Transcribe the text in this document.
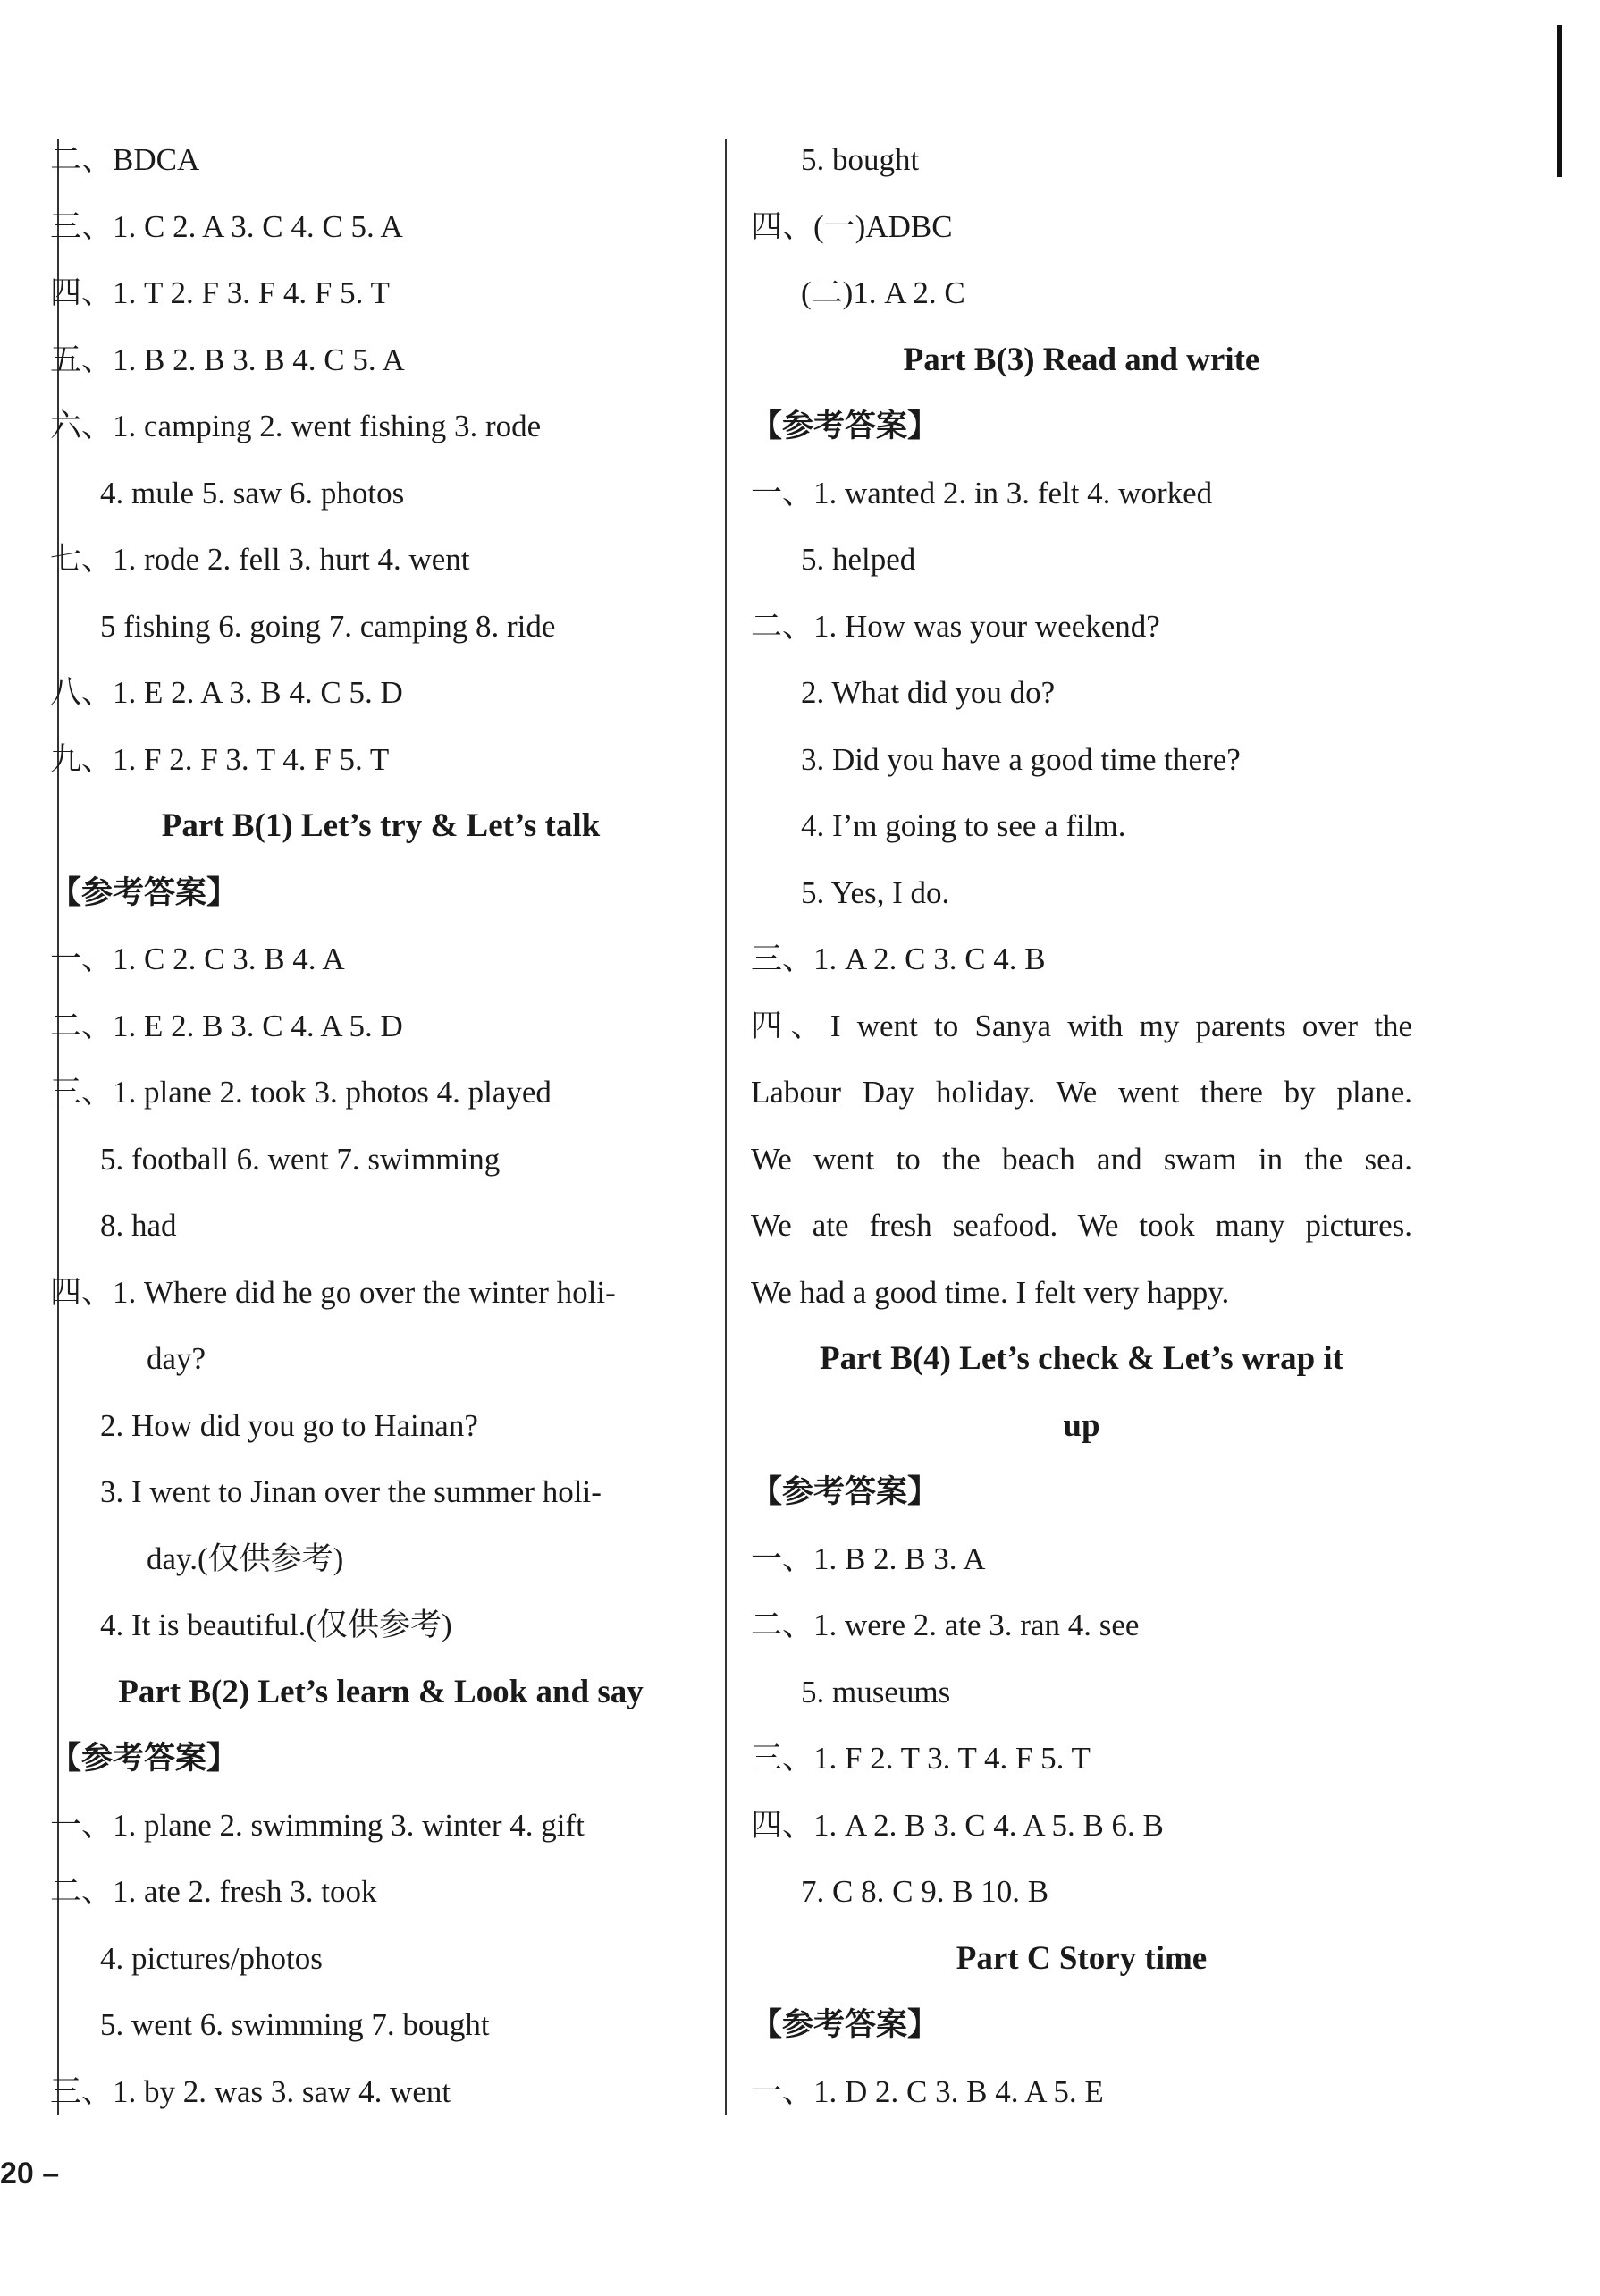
二、BDCA
三、1. C 2. A 3. C 4. C 5. A
四、1. T 2. F 3. F 4. F 5. T
五、1. B 2. B 3. B 4. C 5. A
六、1. camping 2. went fishing 3. rode
4. mule 5. saw 6. photos
七、1. rode 2. fell 3. hurt 4. went
5 fishing 6. going 7. camping 8. ride
八、1. E 2. A 3. B 4. C 5. D
九、1. F 2. F 3. T 4. F 5. T
Part B(1) Let’s try & Let’s talk
【参考答案】
一、1. C 2. C 3. B 4. A
二、1. E 2. B 3. C 4. A 5. D
三、1. plane 2. took 3. photos 4. played
5. football 6. went 7. swimming
8. had
四、1. Where did he go over the winter holi-
day?
2. How did you go to Hainan?
3. I went to Jinan over the summer holi-
day.(仅供参考)
4. It is beautiful.(仅供参考)
Part B(2) Let’s learn & Look and say
【参考答案】
一、1. plane 2. swimming 3. winter 4. gift
二、1. ate 2. fresh 3. took
4. pictures/photos
5. went 6. swimming 7. bought
三、1. by 2. was 3. saw 4. went
5. bought
四、(一)ADBC
(二)1. A 2. C
Part B(3) Read and write
【参考答案】
一、1. wanted 2. in 3. felt 4. worked
5. helped
二、1. How was your weekend?
2. What did you do?
3. Did you have a good time there?
4. I’m going to see a film.
5. Yes, I do.
三、1. A 2. C 3. C 4. B
四、I went to Sanya with my parents over the
Labour Day holiday. We went there by plane.
We went to the beach and swam in the sea.
We ate fresh seafood. We took many pictures.
We had a good time. I felt very happy.
Part B(4) Let’s check & Let’s wrap it
up
【参考答案】
一、1. B 2. B 3. A
二、1. were 2. ate 3. ran 4. see
5. museums
三、1. F 2. T 3. T 4. F 5. T
四、1. A 2. B 3. C 4. A 5. B 6. B
7. C 8. C 9. B 10. B
Part C Story time
【参考答案】
一、1. D 2. C 3. B 4. A 5. E
20 –
